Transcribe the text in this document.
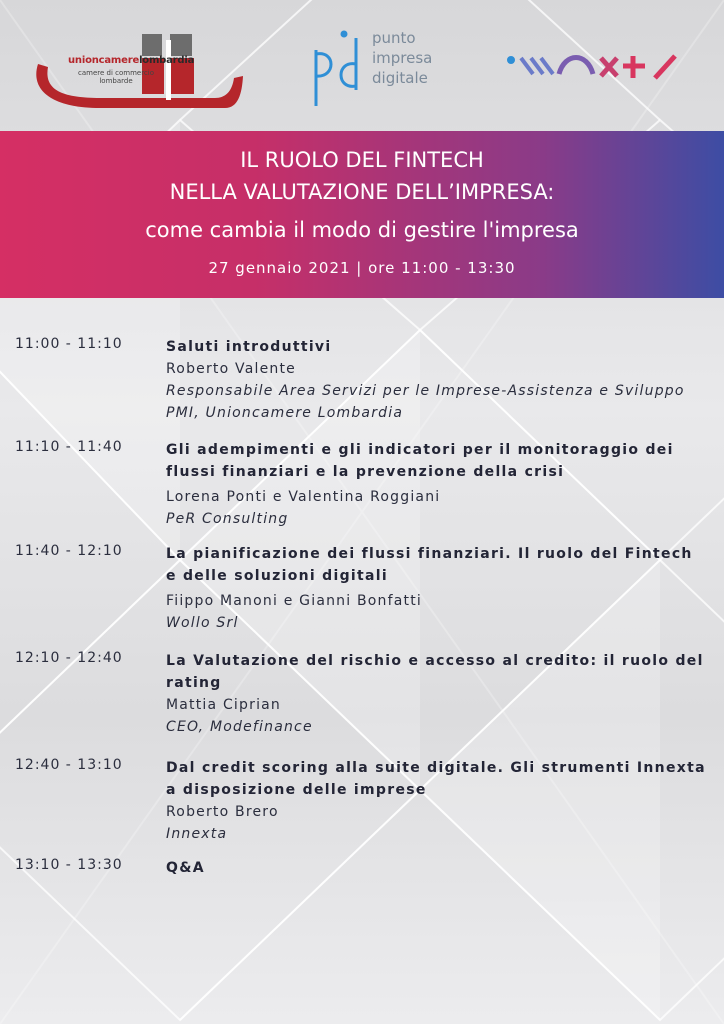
unioncamerelombardia
camere di commercio
lombarde
punto
impresa
digitale
IL RUOLO DEL FINTECH
NELLA VALUTAZIONE DELL’IMPRESA:
come cambia il modo di gestire l'impresa
27 gennaio 2021 | ore 11:00 - 13:30
11:00 - 11:10	Saluti introduttivi
Roberto Valente
Responsabile Area Servizi per le Imprese-Assistenza e Sviluppo PMI, Unioncamere Lombardia
11:10 - 11:40	Gli adempimenti e gli indicatori per il monitoraggio dei flussi finanziari e la prevenzione della crisi
Lorena Ponti e Valentina Roggiani
PeR Consulting
11:40 - 12:10	La pianificazione dei flussi finanziari. Il ruolo del Fintech e delle soluzioni digitali
Fiippo Manoni e Gianni Bonfatti
Wollo Srl
12:10 - 12:40	La Valutazione del rischio e accesso al credito: il ruolo del rating
Mattia Ciprian
CEO, Modefinance
12:40 - 13:10	Dal credit scoring alla suite digitale. Gli strumenti Innexta a disposizione delle imprese
Roberto Brero
Innexta
13:10 - 13:30	Q&A
